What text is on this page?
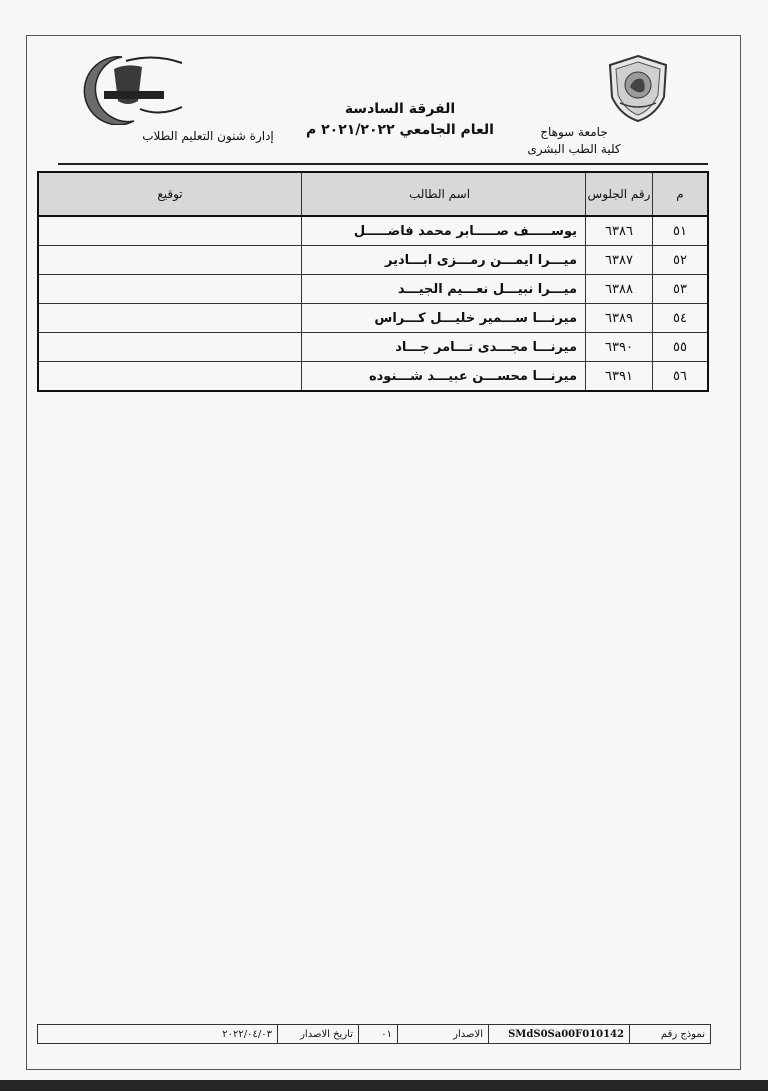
جامعة سوهاج
كلية الطب البشرى
الفرقة السادسة
العام الجامعي ٢٠٢١/٢٠٢٢ م
إدارة شنون التعليم الطلاب
م	رقم الجلوس	اسم الطالب	توقيع
٥١	٦٣٨٦	يوســـــف صـــــابر محمد فاضـــــل	
٥٢	٦٣٨٧	ميـــرا ايمـــن رمـــزى ابـــادير	
٥٣	٦٣٨٨	ميـــرا نبيـــل نعـــيم الجيـــد	
٥٤	٦٣٨٩	ميرنـــا ســـمير خليـــل كـــراس	
٥٥	٦٣٩٠	ميرنـــا مجـــدى تـــامر جـــاد	
٥٦	٦٣٩١	ميرنـــا محســـن عبيـــد شـــنوده	
نموذج رقم
SMdS0Sa00F010142
الاصدار
٠١
تاريخ الاصدار
٢٠٢٢/٠٤/٠٣
